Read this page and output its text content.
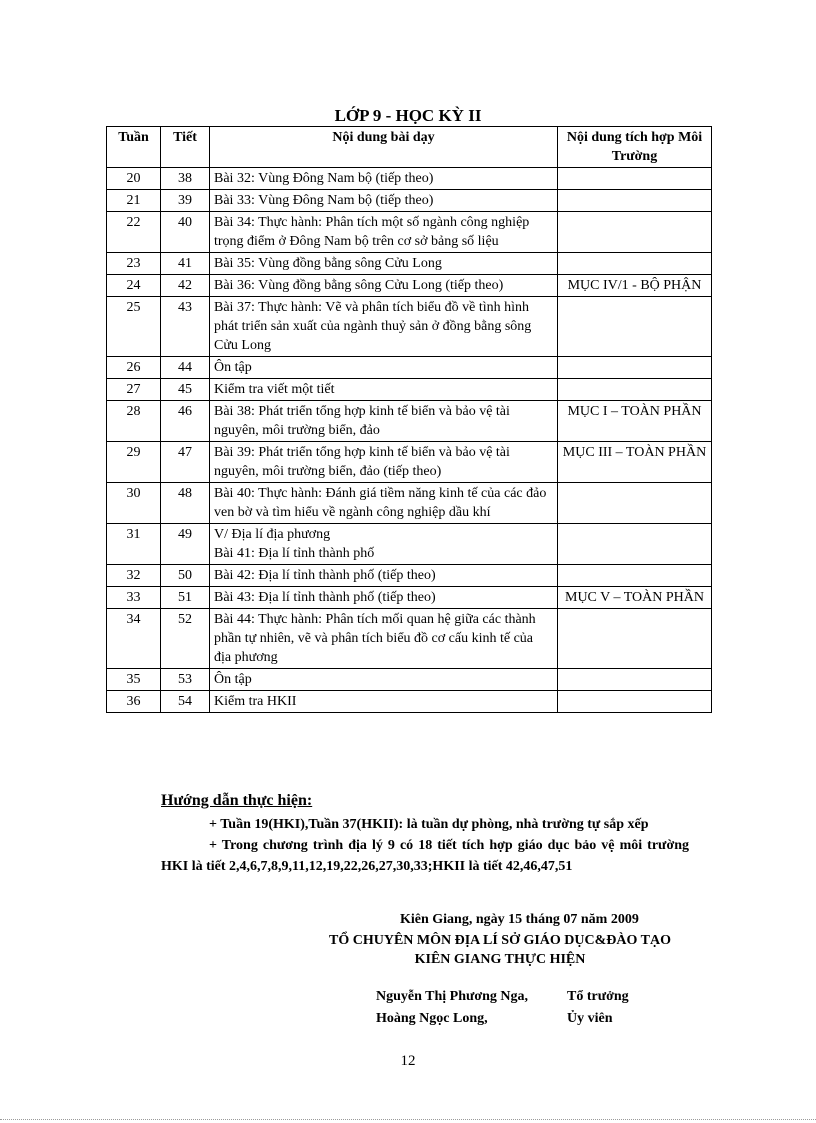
LỚP 9 - HỌC KỲ II
Tuần	Tiết	Nội dung bài dạy	Nội dung tích hợp Môi Trường
20	38	Bài 32: Vùng Đông Nam bộ (tiếp theo)	
21	39	Bài 33: Vùng Đông Nam bộ (tiếp theo)	
22	40	Bài 34: Thực hành: Phân tích một số ngành công nghiệp trọng điểm ở Đông Nam bộ trên cơ sở bảng số liệu	
23	41	Bài 35: Vùng đồng bằng sông Cửu Long	
24	42	Bài 36: Vùng đồng bằng sông Cửu Long (tiếp theo)	MỤC IV/1 - BỘ PHẬN
25	43	Bài 37: Thực hành: Vẽ và phân tích biểu đồ về tình hình phát triển sản xuất của ngành thuỷ sản ở đồng bằng sông Cửu Long	
26	44	Ôn tập	
27	45	Kiểm tra viết một tiết	
28	46	Bài 38: Phát triển tổng hợp kinh tế biển và bảo vệ tài nguyên, môi trường biển, đảo	MỤC I – TOÀN PHẦN
29	47	Bài 39: Phát triển tổng hợp kinh tế biển và bảo vệ tài nguyên, môi trường biển, đảo (tiếp theo)	MỤC III – TOÀN PHẦN
30	48	Bài 40: Thực hành: Đánh giá tiềm năng kinh tế của các đảo ven bờ và tìm hiểu về ngành công nghiệp dầu khí	
31	49	V/ Địa lí địa phương
Bài 41: Địa lí tỉnh thành phố	
32	50	Bài 42: Địa lí tỉnh thành phố (tiếp theo)	
33	51	Bài 43: Địa lí tỉnh thành phố (tiếp theo)	MỤC V – TOÀN PHẦN
34	52	Bài 44: Thực hành: Phân tích mối quan hệ giữa các thành phần tự nhiên, vẽ và phân tích biểu đồ cơ cấu kinh tế của địa phương	
35	53	Ôn tập	
36	54	Kiểm tra HKII	
Hướng dẫn thực hiện:

+ Tuần 19(HKI),Tuần 37(HKII): là tuần dự phòng, nhà trường tự sắp xếp

+ Trong chương trình địa lý 9 có 18 tiết tích hợp giáo dục bảo vệ môi trường HKI là tiết 2,4,6,7,8,9,11,12,19,22,26,27,30,33;HKII là tiết 42,46,47,51

Kiên Giang, ngày 15 tháng 07 năm 2009
TỔ CHUYÊN MÔN ĐỊA LÍ SỞ GIÁO DỤC&ĐÀO TẠO
KIÊN GIANG THỰC HIỆN
Nguyễn Thị Phương Nga,	Tổ trưởng
Hoàng Ngọc Long,	Ủy viên
12
